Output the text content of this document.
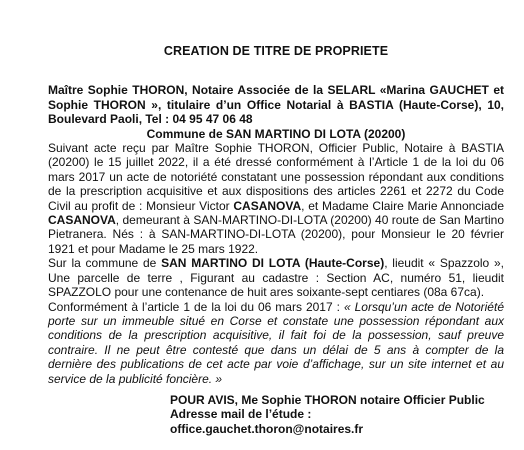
CREATION DE TITRE DE PROPRIETE

Maître Sophie THORON, Notaire Associée de la SELARL «Marina GAUCHET et Sophie THORON », titulaire d’un Office Notarial à BASTIA (Haute-Corse), 10, Boulevard Paoli, Tel : 04 95 47 06 48

Commune de SAN MARTINO DI LOTA (20200)

Suivant acte reçu par Maître Sophie THORON, Officier Public, Notaire à BASTIA (20200) le 15 juillet 2022, il a été dressé conformément à l’Article 1 de la loi du 06 mars 2017 un acte de notoriété constatant une possession répondant aux conditions de la prescription acquisitive et aux dispositions des articles 2261 et 2272 du Code Civil au profit de : Monsieur Victor CASANOVA, et Madame Claire Marie Annonciade CASANOVA, demeurant à SAN-MARTINO-DI-LOTA (20200) 40 route de San Martino Pietranera. Nés : à SAN-MARTINO-DI-LOTA (20200), pour Monsieur le 20 février 1921 et pour Madame le 25 mars 1922.

Sur la commune de SAN MARTINO DI LOTA (Haute-Corse), lieudit « Spazzolo », Une parcelle de terre , Figurant au cadastre : Section AC, numéro 51, lieudit SPAZZOLO pour une contenance de huit ares soixante-sept centiares (08a 67ca).

Conformément à l’article 1 de la loi du 06 mars 2017 : « Lorsqu’un acte de Notoriété porte sur un immeuble situé en Corse et constate une possession répondant aux conditions de la prescription acquisitive, il fait foi de la possession, sauf preuve contraire. Il ne peut être contesté que dans un délai de 5 ans à compter de la dernière des publications de cet acte par voie d’affichage, sur un site internet et au service de la publicité foncière. »

POUR AVIS, Me Sophie THORON notaire Officier Public
Adresse mail de l’étude : office.gauchet.thoron@notaires.fr
